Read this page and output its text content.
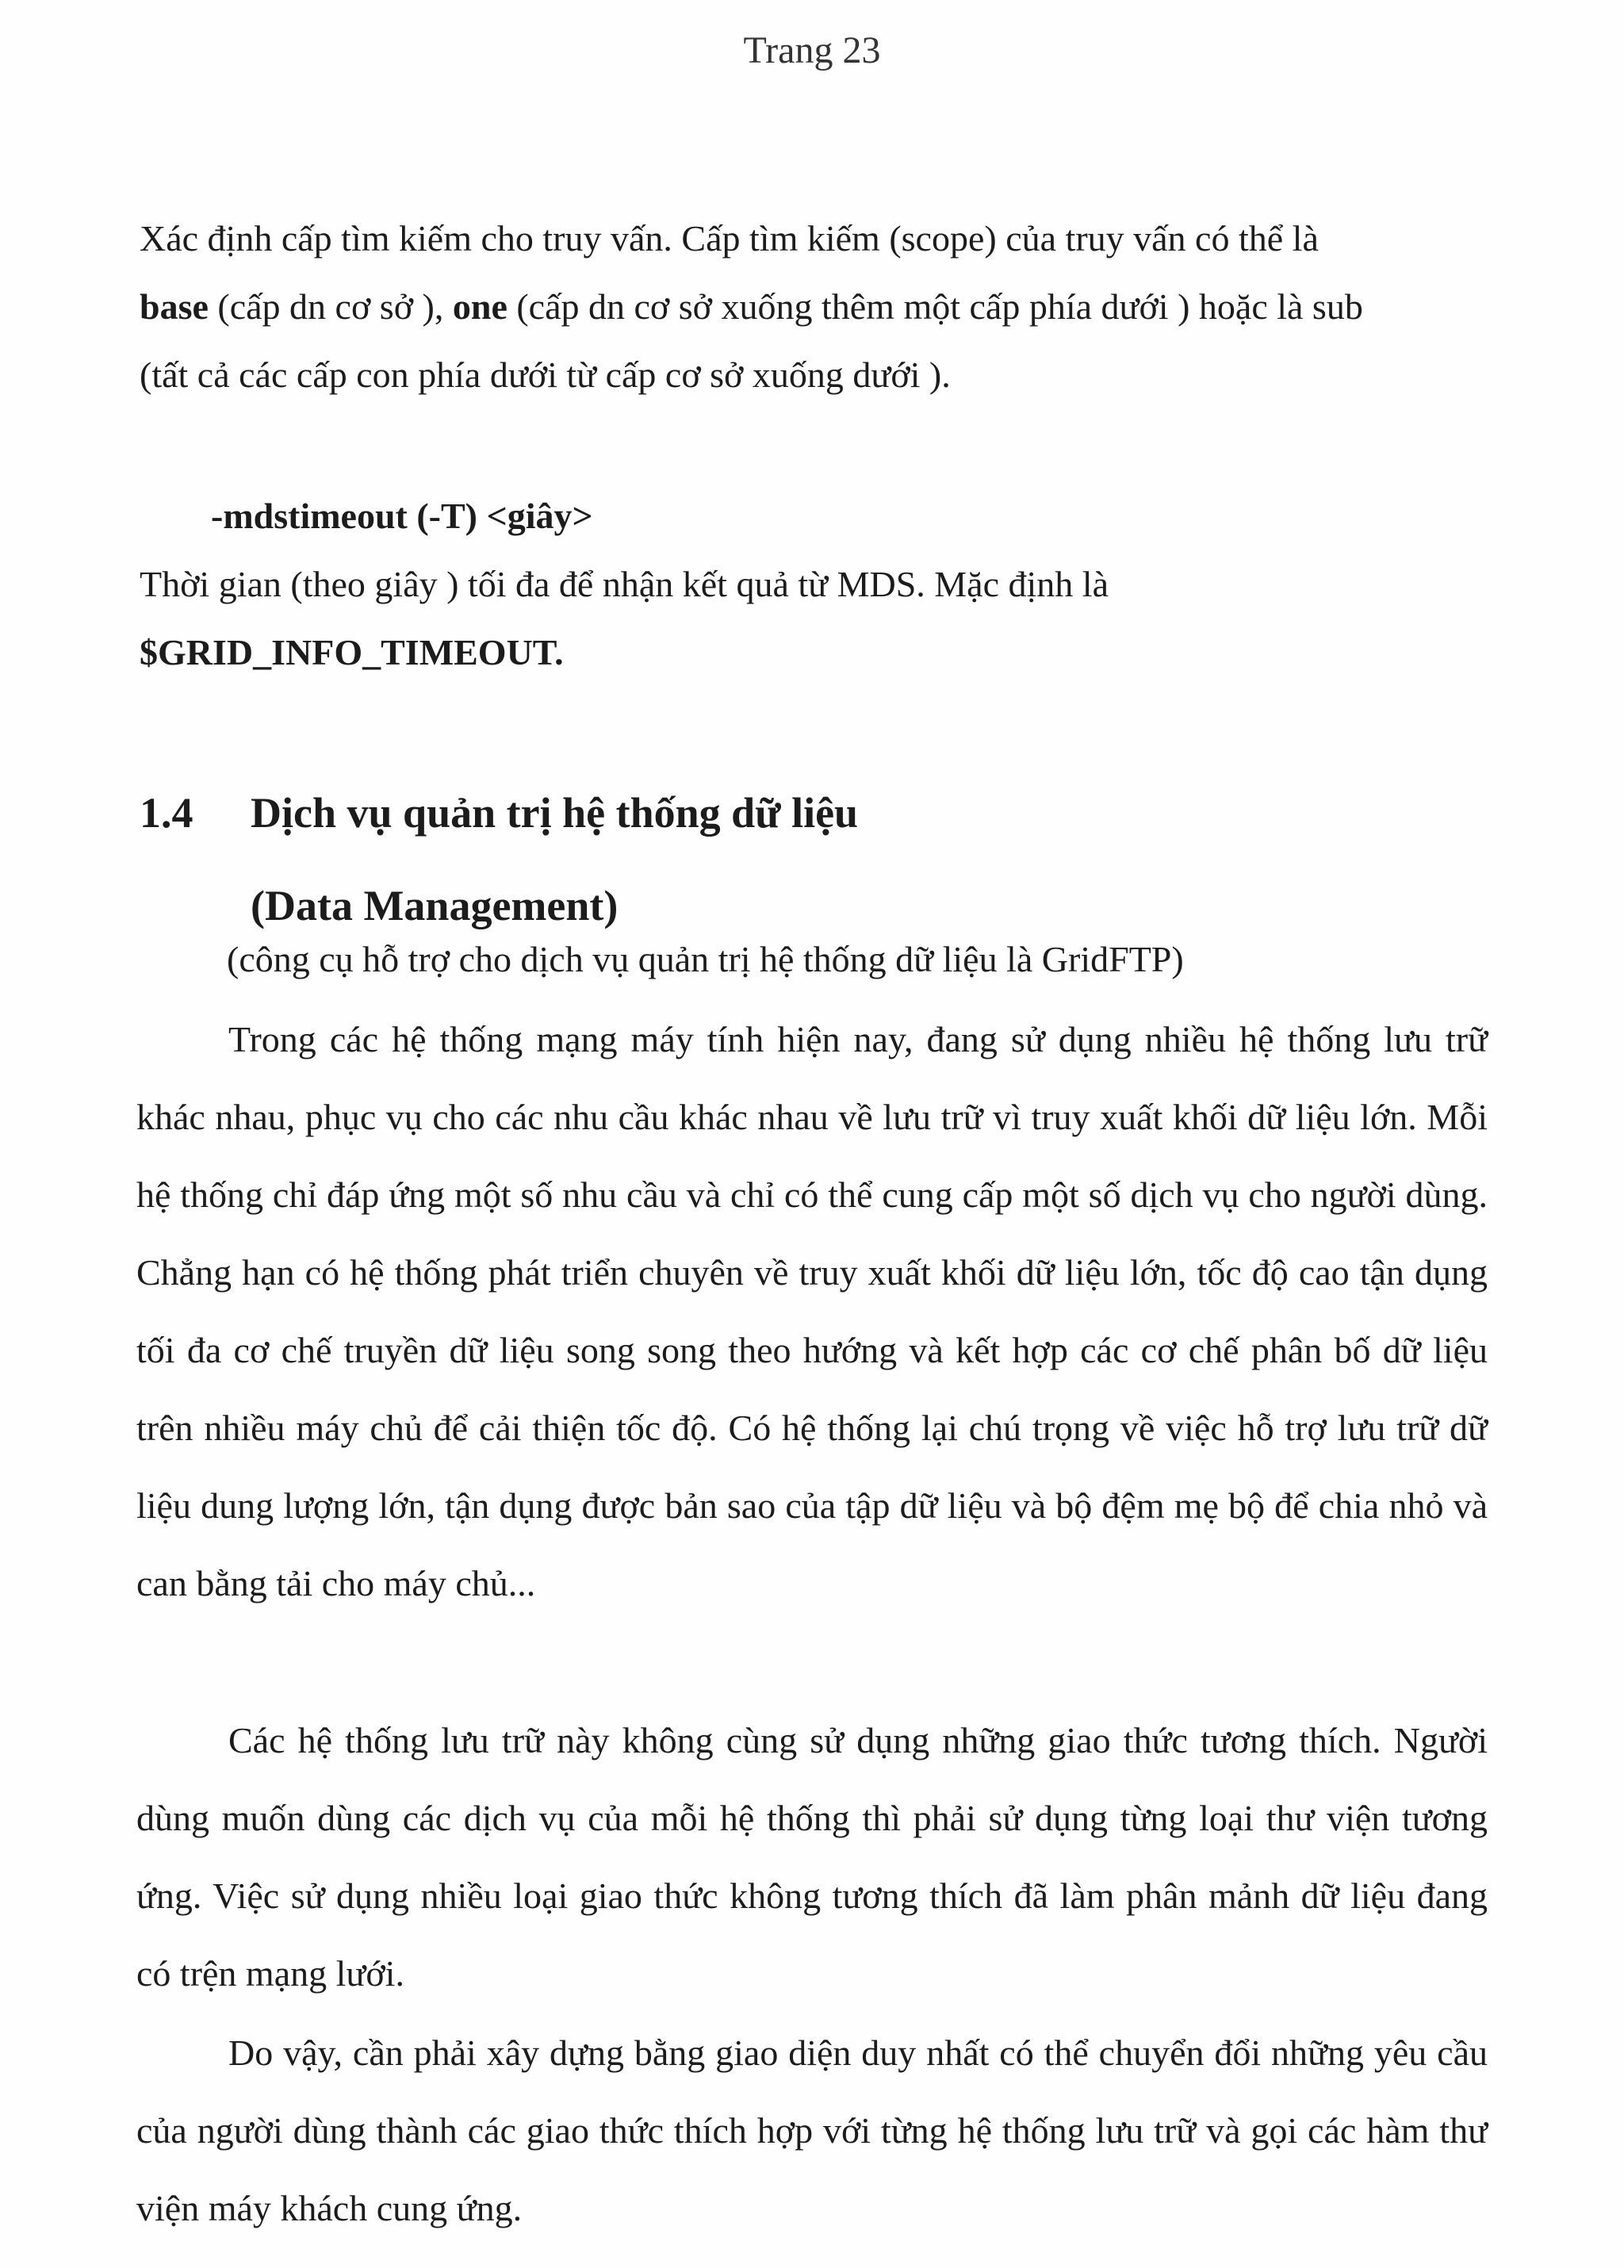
Trang 23
Xác định cấp tìm kiếm cho truy vấn. Cấp tìm kiếm (scope) của truy vấn có thể là
base (cấp dn cơ sở ), one (cấp dn cơ sở xuống thêm một cấp phía dưới ) hoặc là sub
(tất cả các cấp con phía dưới từ cấp cơ sở xuống dưới ).
-mdstimeout (-T) <giây>
Thời gian (theo giây ) tối đa để nhận kết quả từ MDS. Mặc định là
$GRID_INFO_TIMEOUT.
1.4 Dịch vụ quản trị hệ thống dữ liệu
(Data Management)
(công cụ hỗ trợ cho dịch vụ quản trị hệ thống dữ liệu là GridFTP)
Trong các hệ thống mạng máy tính hiện nay, đang sử dụng nhiều hệ thống lưu trữ khác nhau, phục vụ cho các nhu cầu khác nhau về lưu trữ vì truy xuất khối dữ liệu lớn. Mỗi hệ thống chỉ đáp ứng một số nhu cầu và chỉ có thể cung cấp một số dịch vụ cho người dùng. Chẳng hạn có hệ thống phát triển chuyên về truy xuất khối dữ liệu lớn, tốc độ cao tận dụng tối đa cơ chế truyền dữ liệu song song theo hướng và kết hợp các cơ chế phân bố dữ liệu trên nhiều máy chủ để cải thiện tốc độ. Có hệ thống lại chú trọng về việc hỗ trợ lưu trữ dữ liệu dung lượng lớn, tận dụng được bản sao của tập dữ liệu và bộ đệm mẹ bộ để chia nhỏ và can bằng tải cho máy chủ...
Các hệ thống lưu trữ này không cùng sử dụng những giao thức tương thích. Người dùng muốn dùng các dịch vụ của mỗi hệ thống thì phải sử dụng từng loại thư viện tương ứng. Việc sử dụng nhiều loại giao thức không tương thích đã làm phân mảnh dữ liệu đang có trện mạng lưới.
Do vậy, cần phải xây dựng bằng giao diện duy nhất có thể chuyển đổi những yêu cầu của người dùng thành các giao thức thích hợp với từng hệ thống lưu trữ và gọi các hàm thư viện máy khách cung ứng.
